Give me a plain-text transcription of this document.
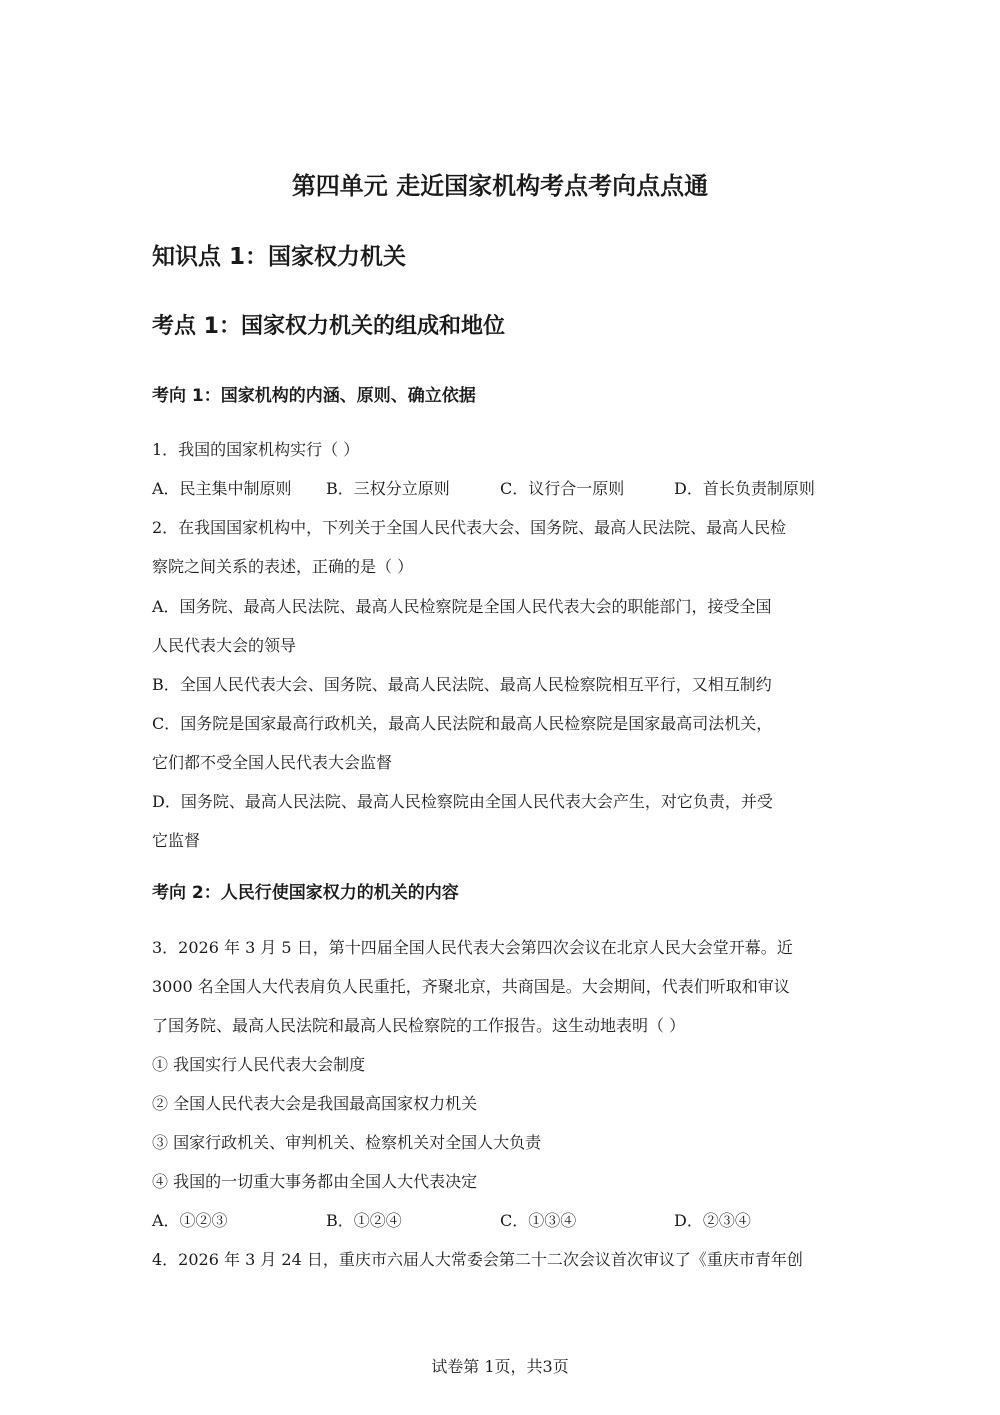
第四单元 走近国家机构考点考向点点通
知识点 1：国家权力机关
考点 1：国家权力机关的组成和地位
考向 1：国家机构的内涵、原则、确立依据

1．我国的国家机构实行（ ）

A．民主集中制原则 B．三权分立原则	C．议行合一原则	D．首长负责制原则

2．在我国国家机构中，下列关于全国人民代表大会、国务院、最高人民法院、最高人民检

察院之间关系的表述，正确的是（ ）

A．国务院、最高人民法院、最高人民检察院是全国人民代表大会的职能部门，接受全国

人民代表大会的领导

B．全国人民代表大会、国务院、最高人民法院、最高人民检察院相互平行，又相互制约

C．国务院是国家最高行政机关，最高人民法院和最高人民检察院是国家最高司法机关，

它们都不受全国人民代表大会监督

D．国务院、最高人民法院、最高人民检察院由全国人民代表大会产生，对它负责，并受

它监督

考向 2：人民行使国家权力的机关的内容

3．2026 年 3 月 5 日，第十四届全国人民代表大会第四次会议在北京人民大会堂开幕。近

3000 名全国人大代表肩负人民重托，齐聚北京，共商国是。大会期间，代表们听取和审议

了国务院、最高人民法院和最高人民检察院的工作报告。这生动地表明（ ）

① 我国实行人民代表大会制度

② 全国人民代表大会是我国最高国家权力机关

③ 国家行政机关、审判机关、检察机关对全国人大负责

④ 我国的一切重大事务都由全国人大代表决定

A．①②③	B．①②④	C．①③④	D．②③④

4．2026 年 3 月 24 日，重庆市六届人大常委会第二十二次会议首次审议了《重庆市青年创

试卷第 1页，共3页
